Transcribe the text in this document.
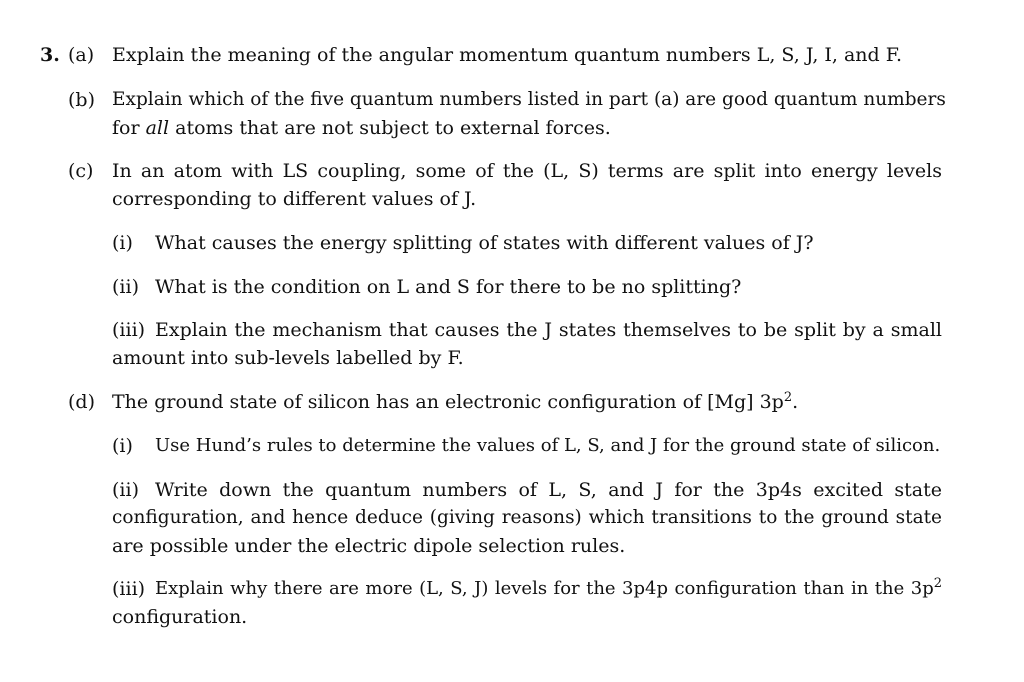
3. (a) Explain the meaning of the angular momentum quantum numbers L, S, J, I, and F.
(b) Explain which of the five quantum numbers listed in part (a) are good quantum numbers
for all atoms that are not subject to external forces.
(c) In an atom with LS coupling, some of the (L, S) terms are split into energy levels
corresponding to different values of J.
(i) What causes the energy splitting of states with different values of J?
(ii) What is the condition on L and S for there to be no splitting?
(iii) Explain the mechanism that causes the J states themselves to be split by a small
amount into sub-levels labelled by F.
(d) The ground state of silicon has an electronic configuration of [Mg] $3p^2$.
(i) Use Hund’s rules to determine the values of L, S, and J for the ground state of silicon.
(ii) Write down the quantum numbers of L, S, and J for the 3p4s excited state
configuration, and hence deduce (giving reasons) which transitions to the ground state
are possible under the electric dipole selection rules.
(iii) Explain why there are more (L, S, J) levels for the 3p4p configuration than in the $3p^2$
configuration.
